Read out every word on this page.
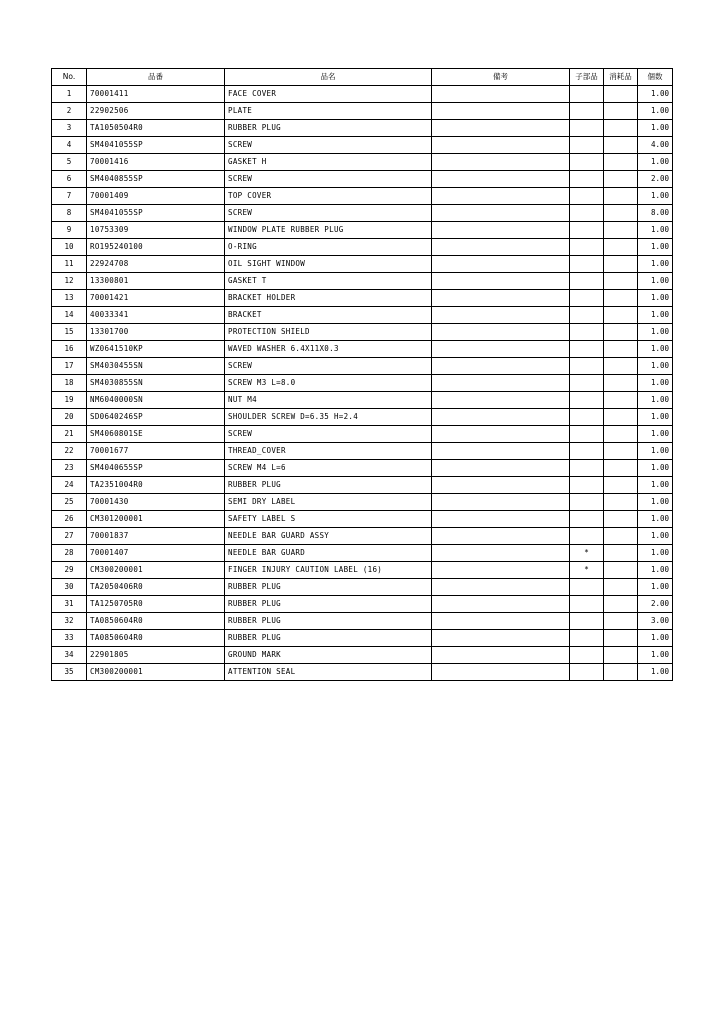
No.	品番	品名	備考	子部品	消耗品	個数
1	70001411	FACE COVER				1.00
2	22902506	PLATE				1.00
3	TA1050504R0	RUBBER PLUG				1.00
4	SM4041055SP	SCREW				4.00
5	70001416	GASKET H				1.00
6	SM4040855SP	SCREW				2.00
7	70001409	TOP COVER				1.00
8	SM4041055SP	SCREW				8.00
9	10753309	WINDOW PLATE RUBBER PLUG				1.00
10	RO195240100	O-RING				1.00
11	22924708	OIL SIGHT WINDOW				1.00
12	13300801	GASKET T				1.00
13	70001421	BRACKET HOLDER				1.00
14	40033341	BRACKET				1.00
15	13301700	PROTECTION SHIELD				1.00
16	WZ0641510KP	WAVED WASHER 6.4X11X0.3				1.00
17	SM4030455SN	SCREW				1.00
18	SM4030855SN	SCREW M3 L=8.0				1.00
19	NM6040000SN	NUT M4				1.00
20	SD0640246SP	SHOULDER SCREW D=6.35 H=2.4				1.00
21	SM4060801SE	SCREW				1.00
22	70001677	THREAD_COVER				1.00
23	SM4040655SP	SCREW M4 L=6				1.00
24	TA2351004R0	RUBBER PLUG				1.00
25	70001430	SEMI DRY LABEL				1.00
26	CM301200001	SAFETY LABEL S				1.00
27	70001837	NEEDLE BAR GUARD ASSY				1.00
28	70001407	NEEDLE BAR GUARD		*		1.00
29	CM300200001	FINGER INJURY CAUTION LABEL (16)		*		1.00
30	TA2050406R0	RUBBER PLUG				1.00
31	TA1250705R0	RUBBER PLUG				2.00
32	TA0850604R0	RUBBER PLUG				3.00
33	TA0850604R0	RUBBER PLUG				1.00
34	22901805	GROUND MARK				1.00
35	CM300200001	ATTENTION SEAL				1.00
